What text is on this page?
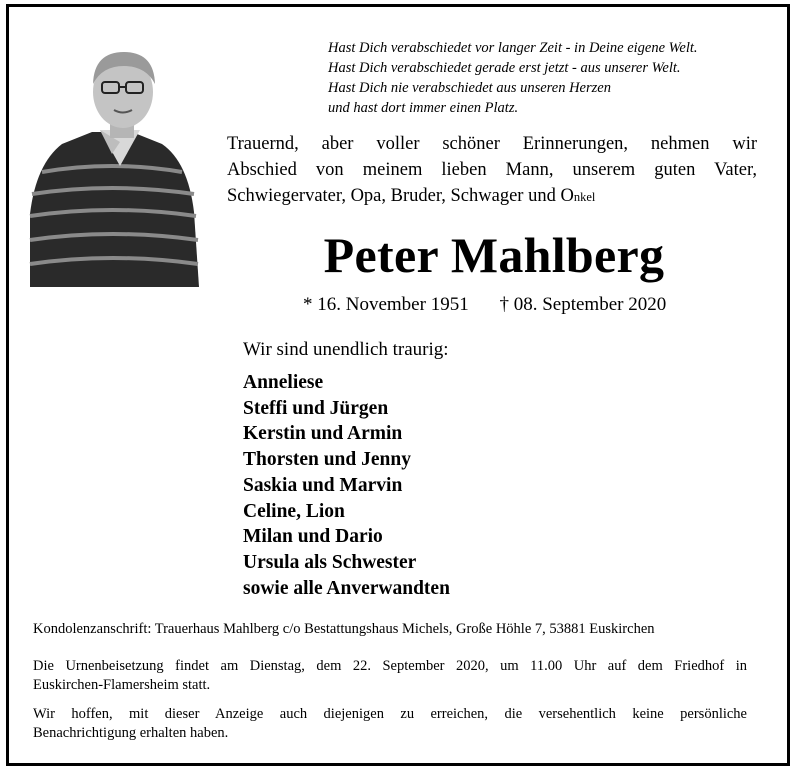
Hast Dich verabschiedet vor langer Zeit - in Deine eigene Welt.
Hast Dich verabschiedet gerade erst jetzt - aus unserer Welt.
Hast Dich nie verabschiedet aus unseren Herzen
und hast dort immer einen Platz.
Trauernd, aber voller schöner Erinnerungen, nehmen wir
Abschied von meinem lieben Mann, unserem guten Vater,
Schwiegervater, Opa, Bruder, Schwager und Onkel
Peter Mahlberg
* 16. November 1951 † 08. September 2020
Wir sind unendlich traurig:
Anneliese
Steffi und Jürgen
Kerstin und Armin
Thorsten und Jenny
Saskia und Marvin
Celine, Lion
Milan und Dario
Ursula als Schwester
sowie alle Anverwandten
Kondolenzanschrift: Trauerhaus Mahlberg c/o Bestattungshaus Michels, Große Höhle 7, 53881 Euskirchen
Die Urnenbeisetzung findet am Dienstag, dem 22. September 2020, um 11.00 Uhr auf dem Friedhof in
Euskirchen-Flamersheim statt.
Wir hoffen, mit dieser Anzeige auch diejenigen zu erreichen, die versehentlich keine persönliche
Benachrichtigung erhalten haben.
